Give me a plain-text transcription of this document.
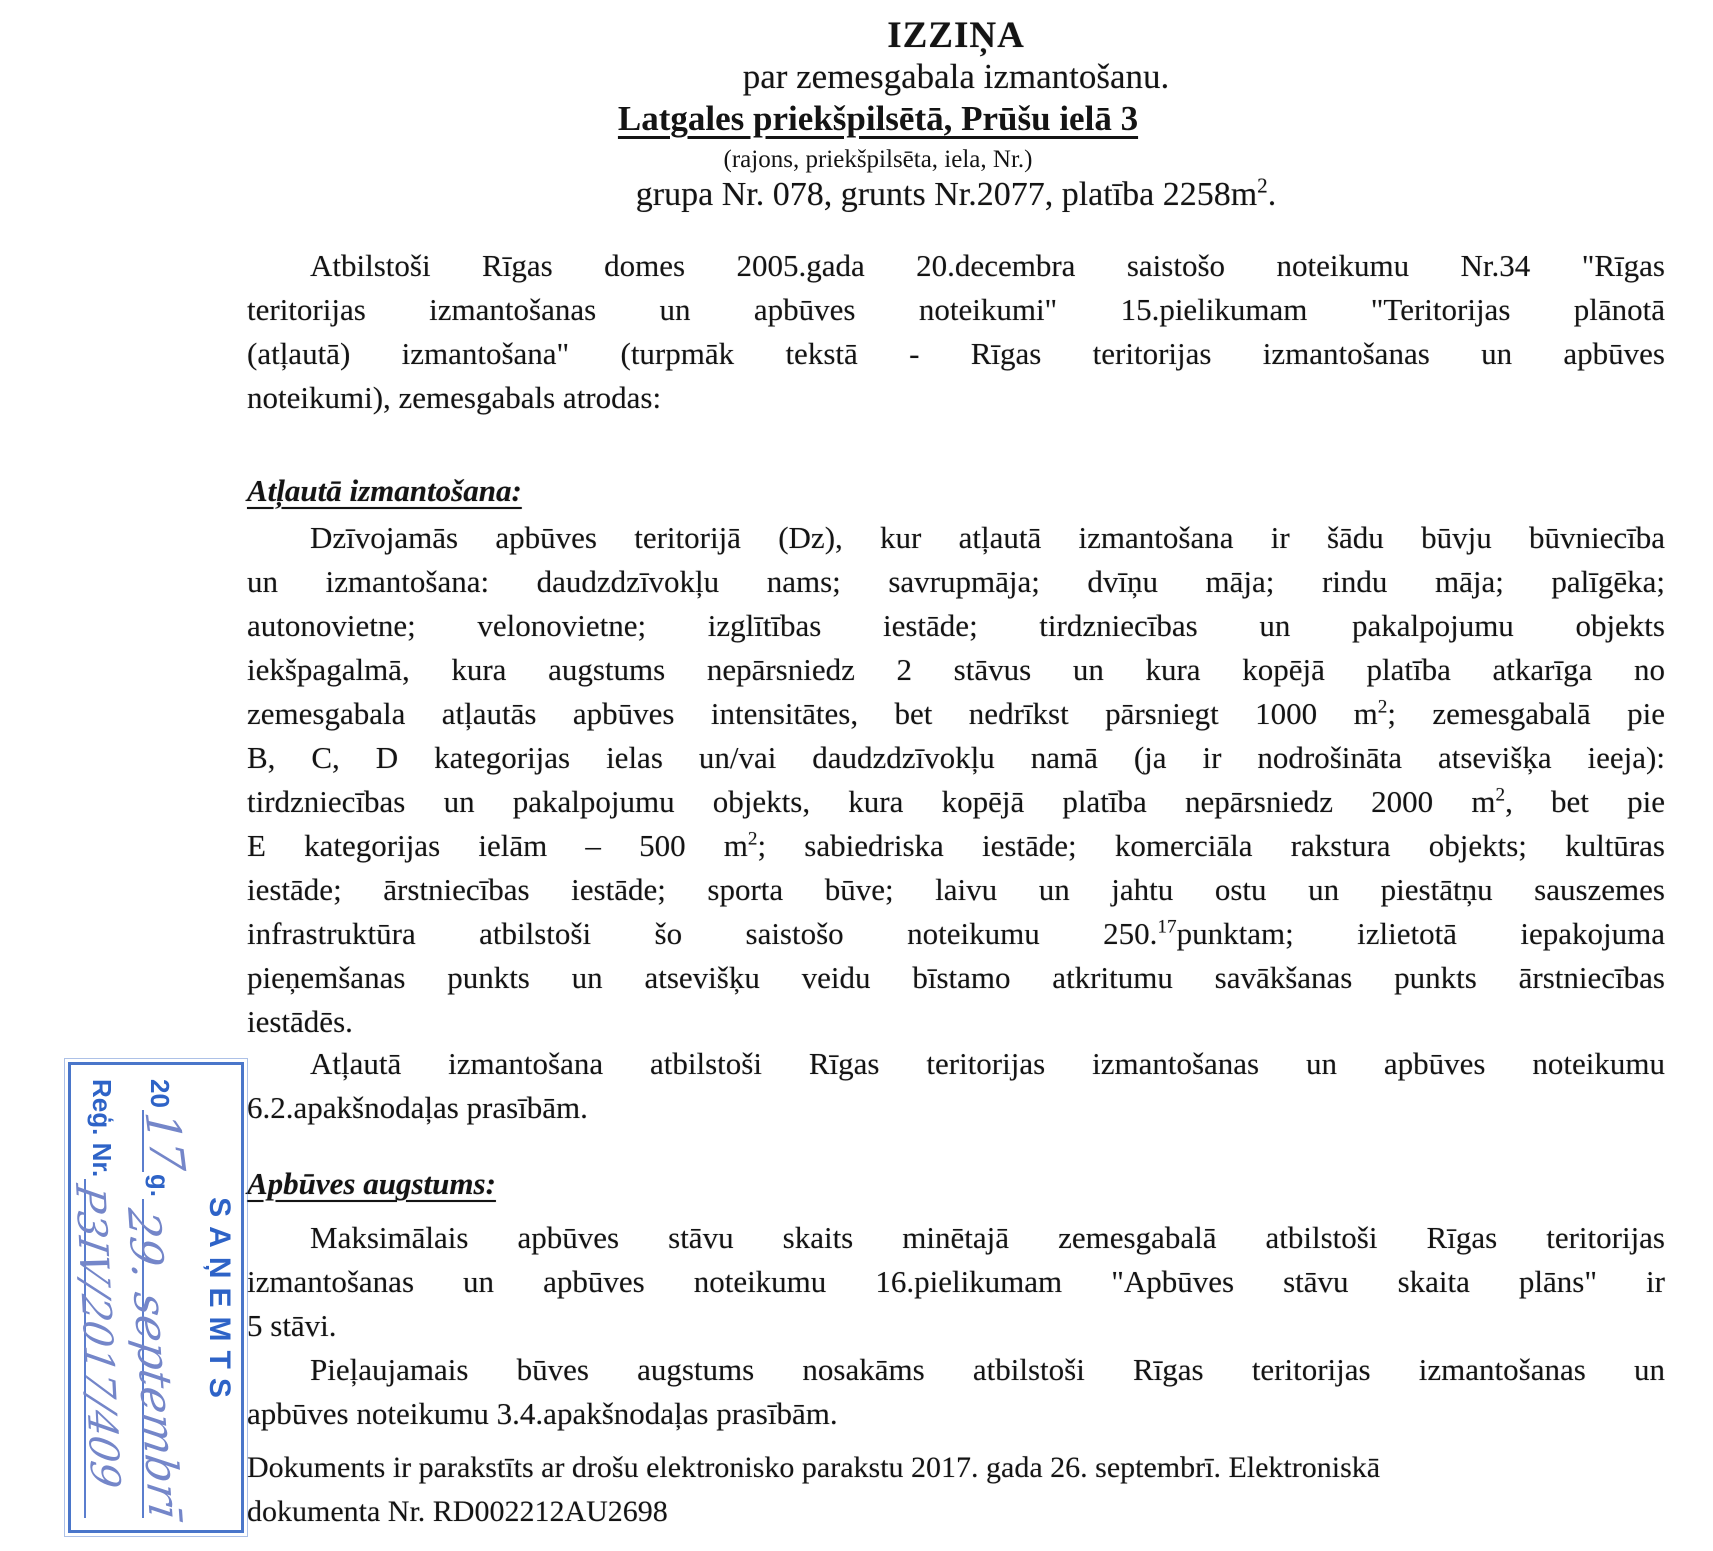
IZZIŅA
par zemesgabala izmantošanu.
Latgales priekšpilsētā, Prūšu ielā 3
(rajons, priekšpilsēta, iela, Nr.)
grupa Nr. 078, grunts Nr.2077, platība $2258m^2$.
Atbilstoši Rīgas domes 2005.gada 20.decembra saistošo noteikumu Nr.34 "Rīgas
teritorijas izmantošanas un apbūves noteikumi" 15.pielikumam "Teritorijas plānotā
(atļautā) izmantošana" (turpmāk tekstā - Rīgas teritorijas izmantošanas un apbūves
noteikumi), zemesgabals atrodas:
Atļautā izmantošana:
Dzīvojamās apbūves teritorijā (Dz), kur atļautā izmantošana ir šādu būvju būvniecība
un izmantošana: daudzdzīvokļu nams; savrupmāja; dvīņu māja; rindu māja; palīgēka;
autonovietne; velonovietne; izglītības iestāde; tirdzniecības un pakalpojumu objekts
iekšpagalmā, kura augstums nepārsniedz 2 stāvus un kura kopējā platība atkarīga no
zemesgabala atļautās apbūves intensitātes, bet nedrīkst pārsniegt 1000 $m^2$; zemesgabalā pie
B, C, D kategorijas ielas un/vai daudzdzīvokļu namā (ja ir nodrošināta atsevišķa ieeja):
tirdzniecības un pakalpojumu objekts, kura kopējā platība nepārsniedz 2000 $m^2$, bet pie
E kategorijas ielām – 500 $m^2$; sabiedriska iestāde; komerciāla rakstura objekts; kultūras
iestāde; ārstniecības iestāde; sporta būve; laivu un jahtu ostu un piestātņu sauszemes
infrastruktūra atbilstoši šo saistošo noteikumu 250.17punktam; izlietotā iepakojuma
pieņemšanas punkts un atsevišķu veidu bīstamo atkritumu savākšanas punkts ārstniecības
iestādēs.
Atļautā izmantošana atbilstoši Rīgas teritorijas izmantošanas un apbūves noteikumu
6.2.apakšnodaļas prasībām.
Apbūves augstums:
Maksimālais apbūves stāvu skaits minētajā zemesgabalā atbilstoši Rīgas teritorijas
izmantošanas un apbūves noteikumu 16.pielikumam "Apbūves stāvu skaita plāns" ir
5 stāvi.
Pieļaujamais būves augstums nosakāms atbilstoši Rīgas teritorijas izmantošanas un
apbūves noteikumu 3.4.apakšnodaļas prasībām.
Dokuments ir parakstīts ar drošu elektronisko parakstu 2017. gada 26. septembrī. Elektroniskā
dokumenta Nr. RD002212AU2698
SAŅEMTS
20
17
g.
29. septembrī
Reģ. Nr.
P3IV/2017/409
